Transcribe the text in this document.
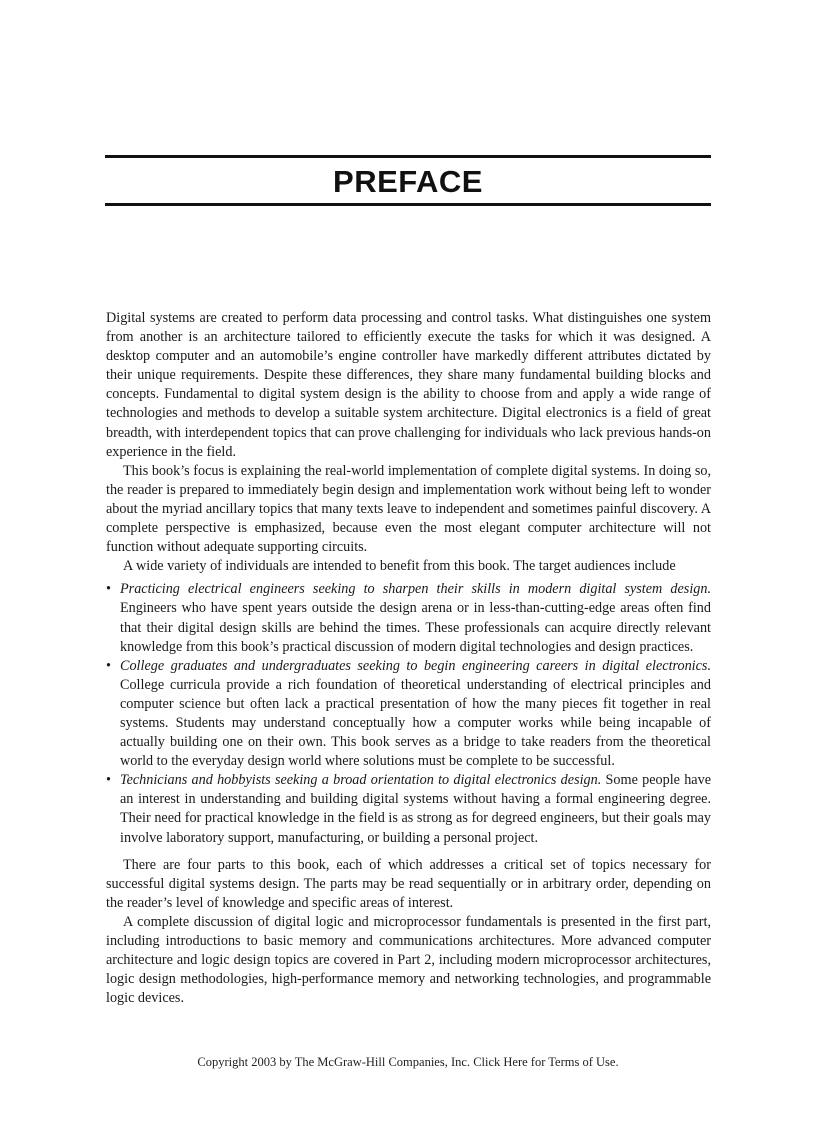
PREFACE

Digital systems are created to perform data processing and control tasks. What distinguishes one system from another is an architecture tailored to efficiently execute the tasks for which it was designed. A desktop computer and an automobile’s engine controller have markedly different attributes dictated by their unique requirements. Despite these differences, they share many fundamental building blocks and concepts. Fundamental to digital system design is the ability to choose from and apply a wide range of technologies and methods to develop a suitable system architecture. Digital electronics is a field of great breadth, with interdependent topics that can prove challenging for individuals who lack previous hands-on experience in the field.

This book’s focus is explaining the real-world implementation of complete digital systems. In doing so, the reader is prepared to immediately begin design and implementation work without being left to wonder about the myriad ancillary topics that many texts leave to independent and sometimes painful discovery. A complete perspective is emphasized, because even the most elegant computer architecture will not function without adequate supporting circuits.

A wide variety of individuals are intended to benefit from this book. The target audiences include

• Practicing electrical engineers seeking to sharpen their skills in modern digital system design. Engineers who have spent years outside the design arena or in less-than-cutting-edge areas often find that their digital design skills are behind the times. These professionals can acquire directly relevant knowledge from this book’s practical discussion of modern digital technologies and design practices.
• College graduates and undergraduates seeking to begin engineering careers in digital electronics. College curricula provide a rich foundation of theoretical understanding of electrical principles and computer science but often lack a practical presentation of how the many pieces fit together in real systems. Students may understand conceptually how a computer works while being incapable of actually building one on their own. This book serves as a bridge to take readers from the theoretical world to the everyday design world where solutions must be complete to be successful.
• Technicians and hobbyists seeking a broad orientation to digital electronics design. Some people have an interest in understanding and building digital systems without having a formal engineering degree. Their need for practical knowledge in the field is as strong as for degreed engineers, but their goals may involve laboratory support, manufacturing, or building a personal project.

There are four parts to this book, each of which addresses a critical set of topics necessary for successful digital systems design. The parts may be read sequentially or in arbitrary order, depending on the reader’s level of knowledge and specific areas of interest.

A complete discussion of digital logic and microprocessor fundamentals is presented in the first part, including introductions to basic memory and communications architectures. More advanced computer architecture and logic design topics are covered in Part 2, including modern microprocessor architectures, logic design methodologies, high-performance memory and networking technologies, and programmable logic devices.

Copyright 2003 by The McGraw-Hill Companies, Inc. Click Here for Terms of Use.
